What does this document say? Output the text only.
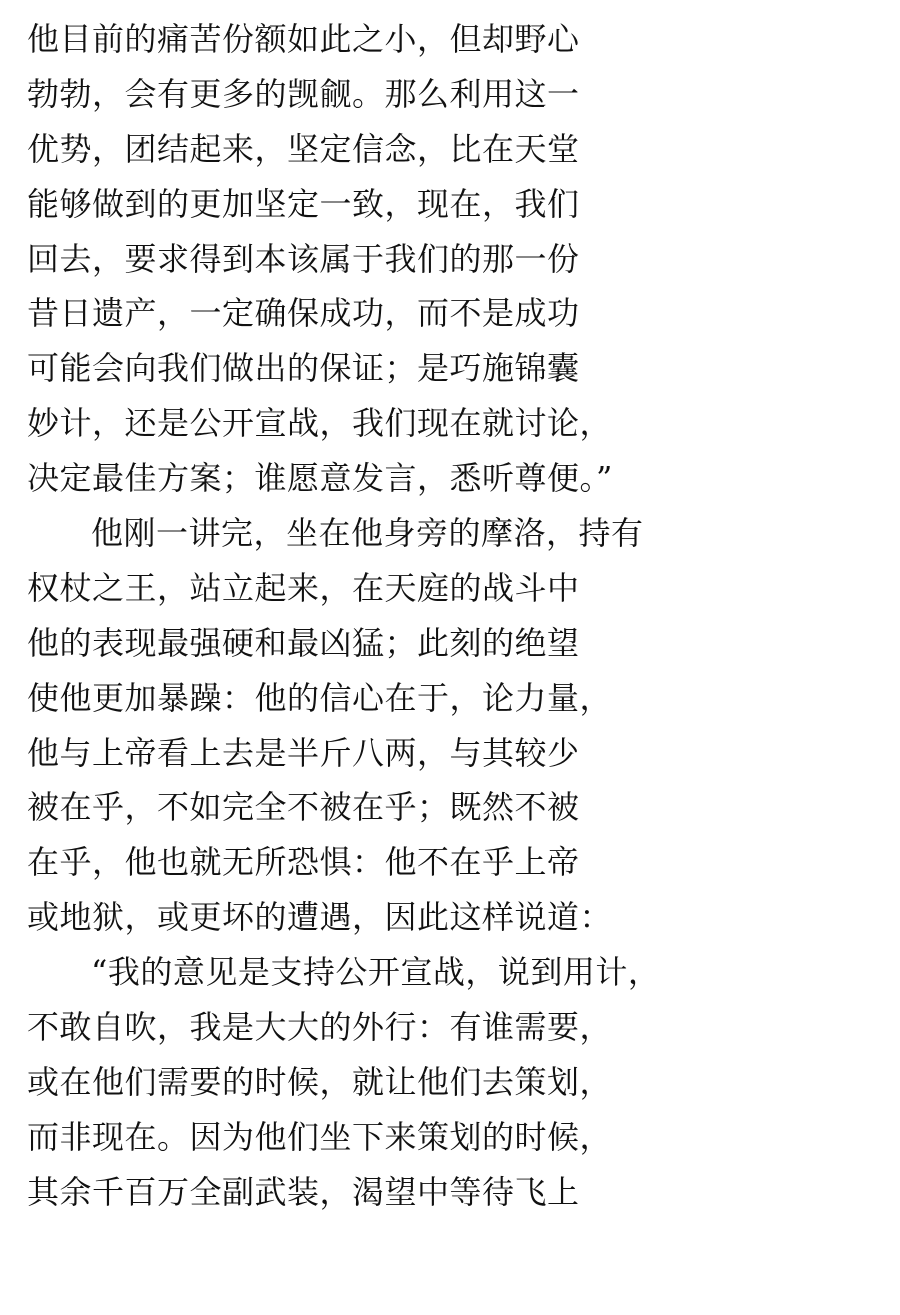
他目前的痛苦份额如此之小，但却野心
勃勃，会有更多的觊觎。那么利用这一
优势，团结起来，坚定信念，比在天堂
能够做到的更加坚定一致，现在，我们
回去，要求得到本该属于我们的那一份
昔日遗产，一定确保成功，而不是成功
可能会向我们做出的保证；是巧施锦囊
妙计，还是公开宣战，我们现在就讨论，
决定最佳方案；谁愿意发言，悉听尊便。”
他刚一讲完，坐在他身旁的摩洛，持有
权杖之王，站立起来，在天庭的战斗中
他的表现最强硬和最凶猛；此刻的绝望
使他更加暴躁：他的信心在于，论力量，
他与上帝看上去是半斤八两，与其较少
被在乎，不如完全不被在乎；既然不被
在乎，他也就无所恐惧：他不在乎上帝
或地狱，或更坏的遭遇，因此这样说道：
“我的意见是支持公开宣战，说到用计，
不敢自吹，我是大大的外行：有谁需要，
或在他们需要的时候，就让他们去策划，
而非现在。因为他们坐下来策划的时候，
其余千百万全副武装，渴望中等待飞上
